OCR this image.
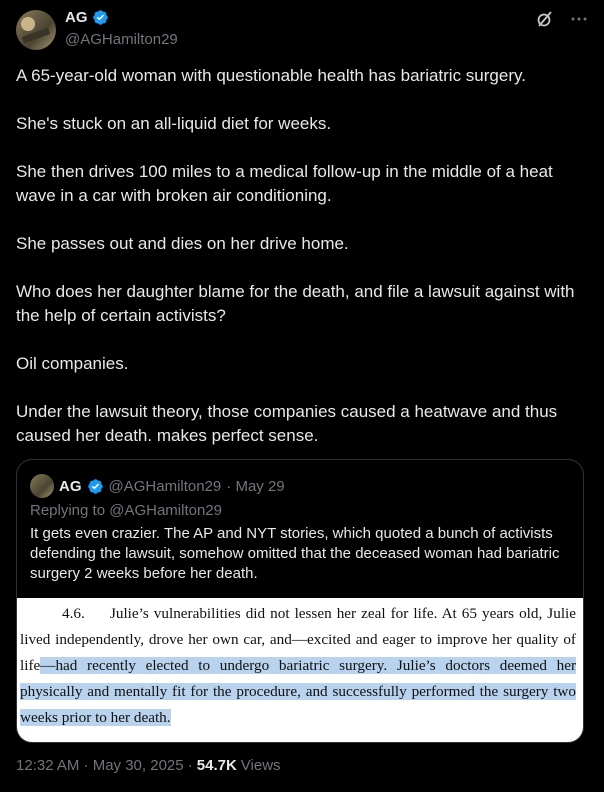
AG
@AGHamilton29

A 65-year-old woman with questionable health has bariatric surgery.

She's stuck on an all-liquid diet for weeks.

She then drives 100 miles to a medical follow-up in the middle of a heat wave in a car with broken air conditioning.

She passes out and dies on her drive home.

Who does her daughter blame for the death, and file a lawsuit against with the help of certain activists?

Oil companies.

Under the lawsuit theory, those companies caused a heatwave and thus caused her death. makes perfect sense.

AG @AGHamilton29 · May 29
Replying to @AGHamilton29
It gets even crazier. The AP and NYT stories, which quoted a bunch of activists defending the lawsuit, somehow omitted that the deceased woman had bariatric surgery 2 weeks before her death.
4.6. Julie’s vulnerabilities did not lessen her zeal for life. At 65 years old, Julie lived independently, drove her own car, and—excited and eager to improve her quality of life—had recently elected to undergo bariatric surgery. Julie’s doctors deemed her physically and mentally fit for the procedure, and successfully performed the surgery two weeks prior to her death.
12:32 AM · May 30, 2025 · 54.7K Views
